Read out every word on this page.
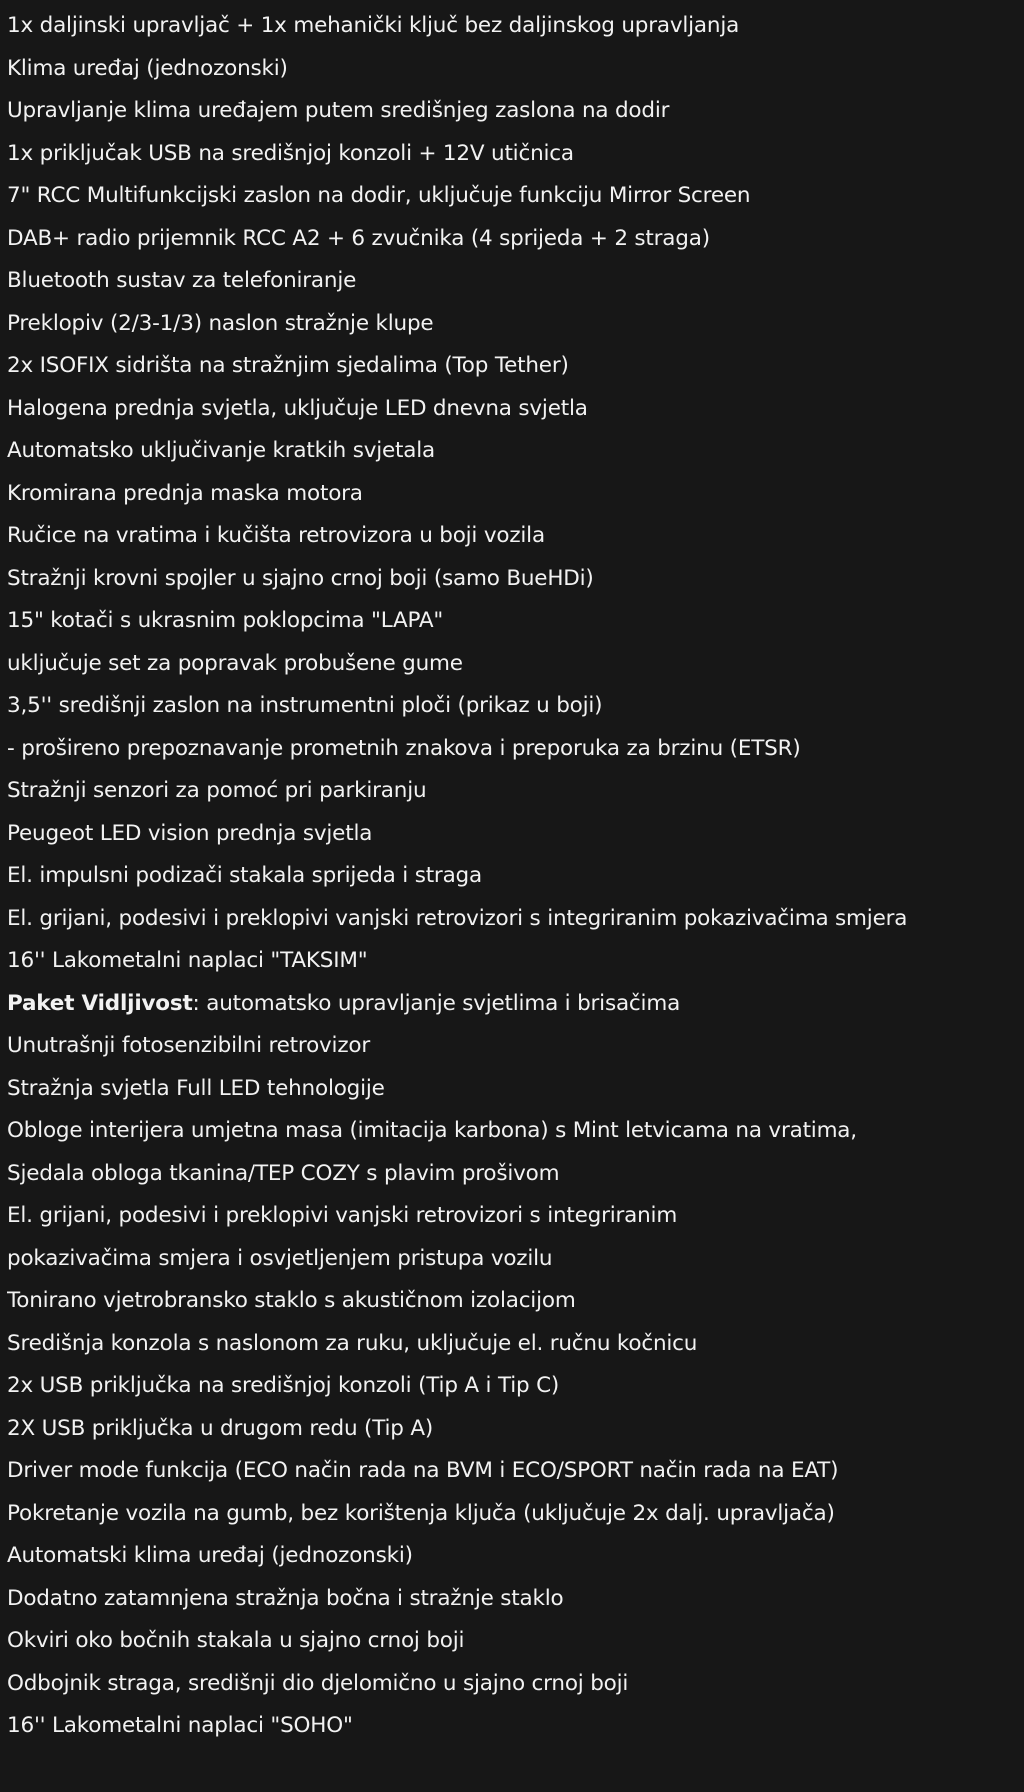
1x daljinski upravljač + 1x mehanički ključ bez daljinskog upravljanja
Klima uređaj (jednozonski)
Upravljanje klima uređajem putem središnjeg zaslona na dodir
1x priključak USB na središnjoj konzoli + 12V utičnica
7" RCC Multifunkcijski zaslon na dodir, uključuje funkciju Mirror Screen
DAB+ radio prijemnik RCC A2 + 6 zvučnika (4 sprijeda + 2 straga)
Bluetooth sustav za telefoniranje
Preklopiv (2/3-1/3) naslon stražnje klupe
2x ISOFIX sidrišta na stražnjim sjedalima (Top Tether)
Halogena prednja svjetla, uključuje LED dnevna svjetla
Automatsko uključivanje kratkih svjetala
Kromirana prednja maska motora
Ručice na vratima i kučišta retrovizora u boji vozila
Stražnji krovni spojler u sjajno crnoj boji (samo BueHDi)
15" kotači s ukrasnim poklopcima "LAPA"
uključuje set za popravak probušene gume
3,5'' središnji zaslon na instrumentni ploči (prikaz u boji)
- prošireno prepoznavanje prometnih znakova i preporuka za brzinu (ETSR)
Stražnji senzori za pomoć pri parkiranju
Peugeot LED vision prednja svjetla
El. impulsni podizači stakala sprijeda i straga
El. grijani, podesivi i preklopivi vanjski retrovizori s integriranim pokazivačima smjera
16'' Lakometalni naplaci "TAKSIM"
Paket Vidljivost: automatsko upravljanje svjetlima i brisačima
Unutrašnji fotosenzibilni retrovizor
Stražnja svjetla Full LED tehnologije
Obloge interijera umjetna masa (imitacija karbona) s Mint letvicama na vratima,
Sjedala obloga tkanina/TEP COZY s plavim prošivom
El. grijani, podesivi i preklopivi vanjski retrovizori s integriranim
pokazivačima smjera i osvjetljenjem pristupa vozilu
Tonirano vjetrobransko staklo s akustičnom izolacijom
Središnja konzola s naslonom za ruku, uključuje el. ručnu kočnicu
2x USB priključka na središnjoj konzoli (Tip A i Tip C)
2X USB priključka u drugom redu (Tip A)
Driver mode funkcija (ECO način rada na BVM i ECO/SPORT način rada na EAT)
Pokretanje vozila na gumb, bez korištenja ključa (uključuje 2x dalj. upravljača)
Automatski klima uređaj (jednozonski)
Dodatno zatamnjena stražnja bočna i stražnje staklo
Okviri oko bočnih stakala u sjajno crnoj boji
Odbojnik straga, središnji dio djelomično u sjajno crnoj boji
16'' Lakometalni naplaci "SOHO"
